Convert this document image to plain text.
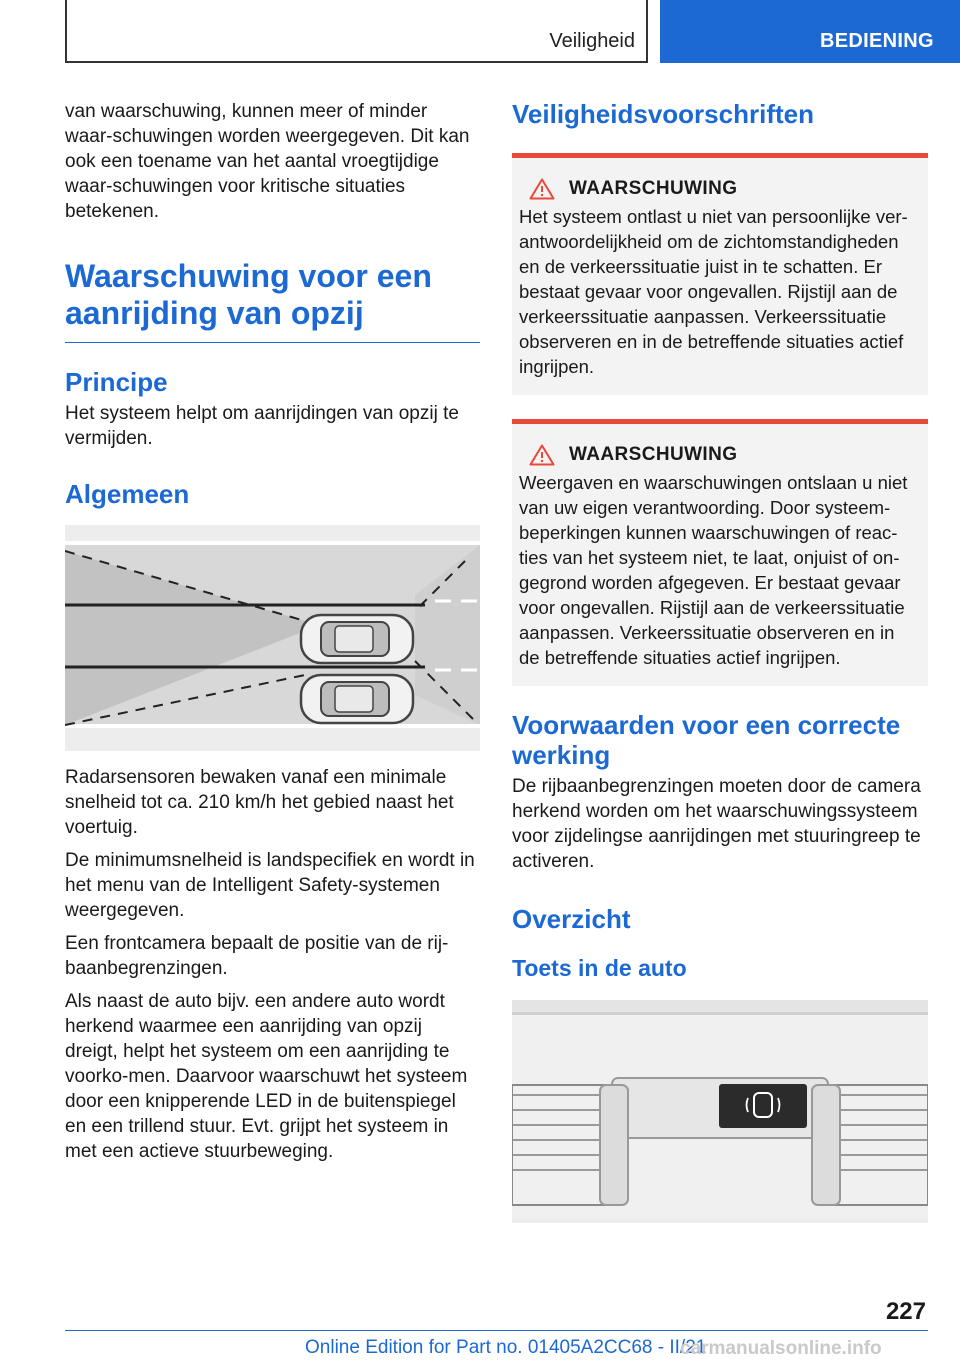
Veiligheid	BEDIENING

van waarschuwing, kunnen meer of minder waar-schuwingen worden weergegeven. Dit kan ook een toename van het aantal vroegtijdige waar-schuwingen voor kritische situaties betekenen.

Waarschuwing voor een aanrijding van opzij
Principe

Het systeem helpt om aanrijdingen van opzij te vermijden.

Algemeen

Radarsensoren bewaken vanaf een minimale snelheid tot ca. 210 km/h het gebied naast het voertuig.

De minimumsnelheid is landspecifiek en wordt in het menu van de Intelligent Safety-systemen weergegeven.

Een frontcamera bepaalt de positie van de rij-baanbegrenzingen.

Als naast de auto bijv. een andere auto wordt herkend waarmee een aanrijding van opzij dreigt, helpt het systeem om een aanrijding te voorko-men. Daarvoor waarschuwt het systeem door een knipperende LED in de buitenspiegel en een trillend stuur. Evt. grijpt het systeem in met een actieve stuurbeweging.

Veiligheidsvoorschriften
WAARSCHUWING

Het systeem ontlast u niet van persoonlijke ver-antwoordelijkheid om de zichtomstandigheden en de verkeerssituatie juist in te schatten. Er bestaat gevaar voor ongevallen. Rijstijl aan de verkeerssituatie aanpassen. Verkeerssituatie observeren en in de betreffende situaties actief ingrijpen.

WAARSCHUWING

Weergaven en waarschuwingen ontslaan u niet van uw eigen verantwoording. Door systeem-beperkingen kunnen waarschuwingen of reac-ties van het systeem niet, te laat, onjuist of on-gegrond worden afgegeven. Er bestaat gevaar voor ongevallen. Rijstijl aan de verkeerssituatie aanpassen. Verkeerssituatie observeren en in de betreffende situaties actief ingrijpen.

Voorwaarden voor een correcte werking

De rijbaanbegrenzingen moeten door de camera herkend worden om het waarschuwingssysteem voor zijdelingse aanrijdingen met stuuringreep te activeren.

Overzicht
Toets in de auto
227
Online Edition for Part no. 01405A2CC68 - II/21
carmanualsonline.info
